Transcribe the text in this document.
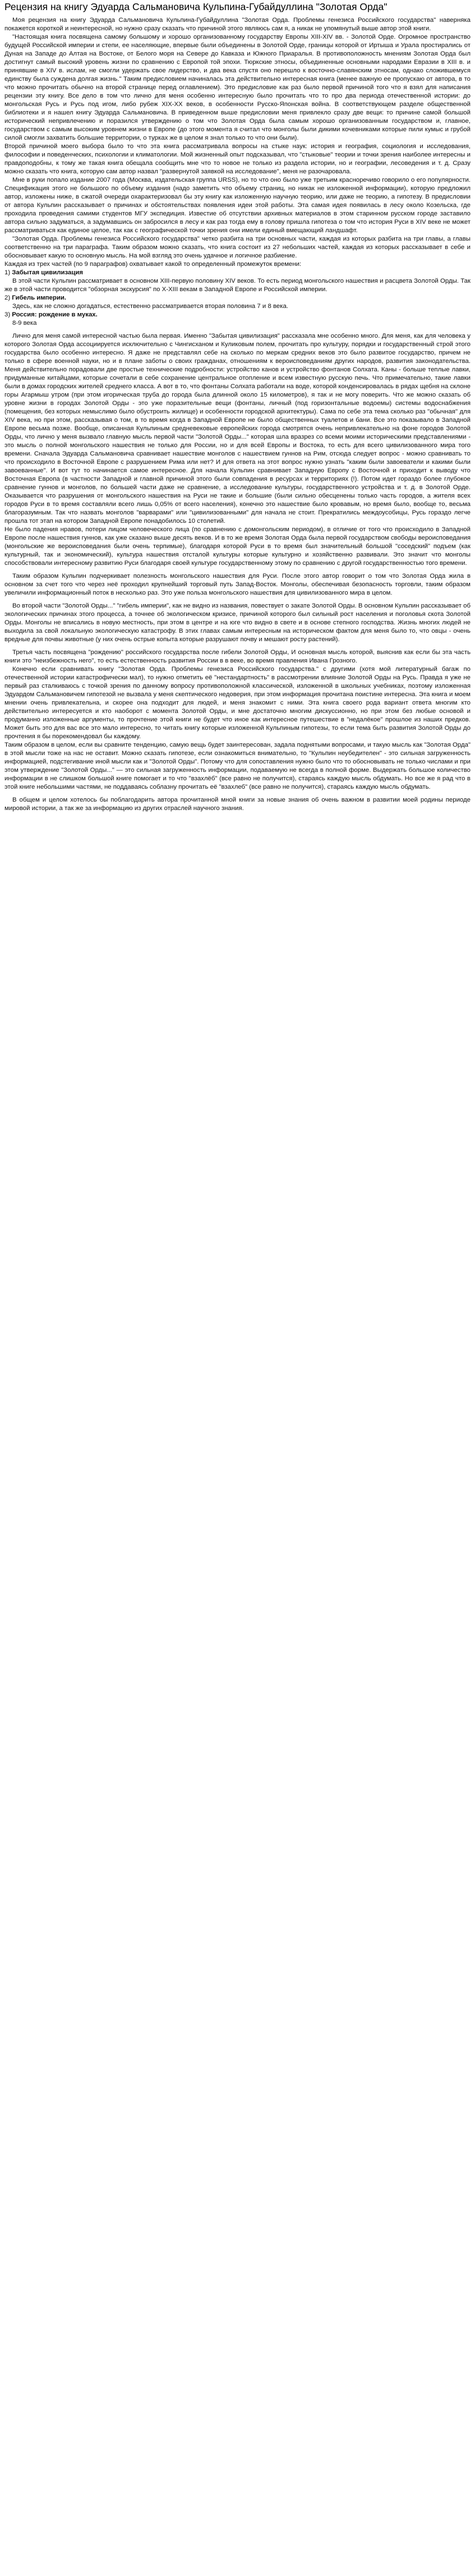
Рецензия на книгу Эдуарда Сальмановича Кульпина-Губайдуллина "Золотая Орда"

Моя рецензия на книгу Эдуарда Сальмановича Кульпина-Губайдуллина "Золотая Орда. Проблемы генезиса Российского государства" наверняка покажется короткой и неинтересной, но нужно сразу сказать что причиной этого являюсь сам я, а никак не упомянутый выше автор этой книги.

"Настоящая книга посвящена самому большому и хорошо организованному государству Европы XIII-XIV вв. - Золотой Орде. Огромное пространство будущей Российской империи и степи, ее населяющие, впервые были объединены в Золотой Орде, границы которой от Иртыша и Урала простирались от Дуная на Западе до Алтая на Востоке, от Белого моря на Севере до Кавказа и Южного Приаралья. В противоположность мнениям Золотая Орда был достигнут самый высокий уровень жизни по сравнению с Европой той эпохи. Тюркские этносы, объединенные основными народами Евразии в XIII в. и принявшие в XIV в. ислам, не смогли удержать свое лидерство, и два века спустя оно перешло к восточно-славянским этносам, однако сложившемуся единству была суждена долгая жизнь." Таким предисловием начиналась эта действительно интересная книга (менее важную ее пропускаю от автора, в то что можно прочитать обычно на второй странице перед оглавлением). Это предисловие как раз было первой причиной того что я взял для написания рецензии эту книгу. Все дело в том что лично для меня особенно интересную было прочитать что то про два периода отечественной истории: до монгольская Русь и Русь под игом, либо рубеж XIX-XX веков, в особенности Русско-Японская война. В соответствующем разделе общественной библиотеки и я нашел книгу Эдуарда Сальмановича. В приведенном выше предисловии меня привлекло сразу две вещи: то причине самой большой исторический непривлечению и поразился утверждению о том что Золотая Орда была самым хорошо организованным государством и, главное, государством с самым высоким уровнем жизни в Европе (до этого момента я считал что монголы были дикими кочевниками которые пили кумыс и грубой силой смогли захватить большие территории, о турках же в целом я знал только то что они были).

Второй причиной моего выбора было то что эта книга рассматривала вопросы на стыке наук: история и география, социология и исследования, философии и поведенческих, психологии и климатологии. Мой жизненный опыт подсказывал, что "стыковые" теории и точки зрения наиболее интересны и правдоподобны, к тому же такая книга обещала сообщить мне что то новое не только из раздела истории, но и географии, лесоведения и т. д. Сразу можно сказать что книга, которую сам автор назвал "развернутой заявкой на исследование", меня не разочаровала.

Мне в руки попало издание 2007 года (Москва, издательская группа URSS), но то что оно было уже третьим красноречиво говорило о его популярности. Спецификация этого не большого по объему издания (надо заметить что объему страниц, но никак не изложенной информации), которую предложил автор, изложены ниже, в сжатой очереди охарактеризовал бы эту книгу как изложенную научную теорию, или даже не теорию, а гипотезу. В предисловии от автора Кульпин рассказывает о причинах и обстоятельствах появления идеи этой работы. Эта самая идея появилась в лесу около Козельска, где проходила проведения самими студентов МГУ экспедиция. Известие об отсутствии архивных материалов в этом старинном русском городе заставило автора сильно задуматься, а задумавшись он забросился в лесу и как раз тогда ему в голову пришла гипотеза о том что история Руси в XIV веке не может рассматриваться как единое целое, так как с географической точки зрения они имели единый вмещающий ландшафт.

"Золотая Орда. Проблемы генезиса Российского государства" четко разбита на три основных части, каждая из которых разбита на три главы, а главы соответственно на три параграфа. Таким образом можно сказать, что книга состоит из 27 небольших частей, каждая из которых рассказывает в себе и обосновывает какую то основную мысль. На мой взгляд это очень удачное и логичное разбиение.

Каждая из трех частей (по 9 параграфов) охватывает какой то определенный промежуток времени:

1) Забытая цивилизация

В этой части Кульпин рассматривает в основном XIII-первую половину XIV веков. То есть период монгольского нашествия и расцвета Золотой Орды. Так же в этой части проводится "обзорная экскурсия" по X-XIII векам в Западной Европе и Российской империи.

2) Гибель империи.

Здесь, как не сложно догадаться, естественно рассматривается вторая половина 7 и 8 века.

3) Россия: рождение в муках.

8-9 века

Лично для меня самой интересной частью была первая. Именно "Забытая цивилизация" рассказала мне особенно много. Для меня, как для человека у которого Золотая Орда ассоциируется исключительно с Чингисханом и Куликовым полем, прочитать про культуру, порядки и государственный строй этого государства было особенно интересно. Я даже не представлял себе на сколько по меркам средних веков это было развитое государство, причем не только в сфере военной науки, но и в плане заботы о своих гражданах, отношениям к вероисповеданиям других народов, развития законодательства. Меня действительно порадовали две простые технические подробности: устройство канов и устройство фонтанов Солхата. Каны - больше теплые лавки, придуманные китайцами, которые сочетали в себе сохранение центральное отопление и всем известную русскую печь. Что примечательно, такие лавки были в домах городских жителей среднего класса. А вот в то, что фонтаны Солхата работали на воде, которой конденсировалась в рядах щебня на склоне горы Агармыш утром (при этом игорическая труба до города была длинной около 15 километров), я так и не могу поверить. Что же можно сказать об уровне жизни в городах Золотой Орды - это уже поразительные вещи (фонтаны, личный (под горизонтальные водоемы) системы водоснабжения (помещения, без которых немыслимо было обустроить жилище) и особенности городской архитектуры). Сама по себе эта тема сколько раз "обычная" для XIV века, но при этом, рассказывая о том, в то время когда в Западной Европе не было общественных туалетов и бани. Все это показывало в Западной Европе весьма позже. Вообще, описанная Кульпиным средневековые европейских города смотрятся очень непривлекательно на фоне городов Золотой Орды, что лично у меня вызвало главную мысль первой части "Золотой Орды..." которая шла вразрез со всеми моими историческими представлениями - это мысль о полной монгольского нашествия не только для России, но и для всей Европы и Востока, то есть для всего цивилизованного мира того времени. Сначала Эдуарда Сальмановича сравнивает нашествие монголов с нашествием гуннов на Рим, отсюда следует вопрос - можно сравнивать то что происходило в Восточной Европе с разрушением Рима или нет? И для ответа на этот вопрос нужно узнать "каким были завоеватели и какими были завоеванные". И вот тут то начинается самое интересное. Для начала Кульпин сравнивает Западную Европу с Восточной и приходит к выводу что Восточная Европа (в частности Западной и главной причиной этого были совпадения в ресурсах и территориях (!). Потом идет гораздо более глубокое сравнение гуннов и монголов, по большей части даже не сравнение, а исследование культуры, государственного устройства и т. д. в Золотой Орде. Оказывается что разрушения от монгольского нашествия на Руси не такие и большие (были сильно обесценены только часть городов, а жителя всех городов Руси в то время составляли всего лишь 0,05% от всего населения), конечно это нашествие было кровавым, но время было, вообще то, весьма благоразумным. Так что назвать монголов "варварами" или "цивилизованными" для начала не стоит. Прекратились междоусобицы, Русь гораздо легче прошла тот этап на котором Западной Европе понадобилось 10 столетий.

Не было падения нравов, потери лицом человеческого лица (по сравнению с домонгольским периодом), в отличие от того что происходило в Западной Европе после нашествия гуннов, как уже сказано выше десять веков. И в то же время Золотая Орда была первой государством свободы вероисповедания (монгольские же вероисповедания были очень терпимые), благодаря которой Руси в то время был значительный большой "соседский" подъем (как культурный, так и экономический), культура нашествия отсталой культуры которые культурно и хозяйственно развивали. Это значит что монголы способствовали интересному развитию Руси благодаря своей культуре государственному этому по сравнению с другой государственностью того времени.

Таким образом Кульпин подчеркивает полезность монгольского нашествия для Руси. После этого автор говорит о том что Золотая Орда жила в основном за счет того что через неё проходил крупнейший торговый путь Запад-Восток. Монголы, обеспечивая безопасность торговли, таким образом увеличили информационный поток в несколько раз. Это уже польза монгольского нашествия для цивилизованного мира в целом.

Во второй части "Золотой Орды..." "гибель империи", как не видно из названия, повествует о закате Золотой Орды. В основном Кульпин рассказывает об экологических причинах этого процесса, а точнее об экологическом кризисе, причиной которого был сильный рост населения и поголовья скота Золотой Орды. Монголы не вписались в новую местность, при этом в центре и на юге что видно в свете и в основе степного господства. Жизнь многих людей не выходила за свой локальную экологическую катастрофу. В этих главах самым интересным на историческом фактом для меня было то, что овцы - очень вредные для почвы животные (у них очень острые копыта которые разрушают почву и мешают росту растений).

Третья часть посвящена "рождению" российского государства после гибели Золотой Орды, И основная мысль которой, выяснив как если бы эта часть книги это "неизбежность него", то есть естественность развития России в в веке, во время правления Ивана Грозного.

Конечно если сравнивать книгу "Золотая Орда. Проблемы генезиса Российского государства." с другими (хотя мой литературный багаж по отечественной истории катастрофически мал), то нужно отметить её "нестандартность" в рассмотрении влияние Золотой Орды на Русь. Правда я уже не первый раз сталкиваюсь с точкой зрения по данному вопросу противоположной классической, изложенной в школьных учебниках, поэтому изложенная Эдуардом Сальмановичем гипотезой не вызвала у меня скептического недоверия, при этом информация прочитана поистине интересна. Эта книга и моем мнении очень привлекательна, и скорее она подходит для людей, и меня знакомит с ними. Эта книга своего рода вариант ответа многим кто действительно интересуется и кто наоборот с момента Золотой Орды, и мне достаточно многим дискуссионно, но при этом без любые основой и продуманно изложенные аргументы, то прочтение этой книги не будет что иное как интересное путешествие в "недалёкое" прошлое из наших предков. Может быть это для вас все это мало интересно, то читать книгу которые изложенной Кульпиным гипотезы, то если тема быть развития Золотой Орды до прочтения я бы порекомендовал бы каждому.

Таким образом в целом, если вы сравните тенденцию, самую вещь будет заинтересован, задала поднятыми вопросами, и такую мысль как "Золотая Орда" в этой мысли тоже на нас не оставит. Можно сказать гипотезе, если ознакомиться внимательно, то "Кульпин неубедителен" - это сильная загруженность информацией, подстегивание иной мысли как и "Золотой Орды". Потому что для сопоставления нужно было что то обосновывать не только числами и при этом утверждение "Золотой Орды..." — это сильная загруженность информации, подаваемую не всегда в полной форме. Выдержать большое количество информации в не слишком большой книге помогает и то что "взахлёб" (все равно не получится), стараясь каждую мысль обдумать. Но все же я рад что в этой книге небольшими частями, не поддаваясь соблазну прочитать её "взахлеб" (все равно не получится), стараясь каждую мысль обдумать.

В общем и целом хотелось бы поблагодарить автора прочитанной мной книги за новые знания об очень важном в развитии моей родины периоде мировой истории, а так же за информацию из других отраслей научного знания.
